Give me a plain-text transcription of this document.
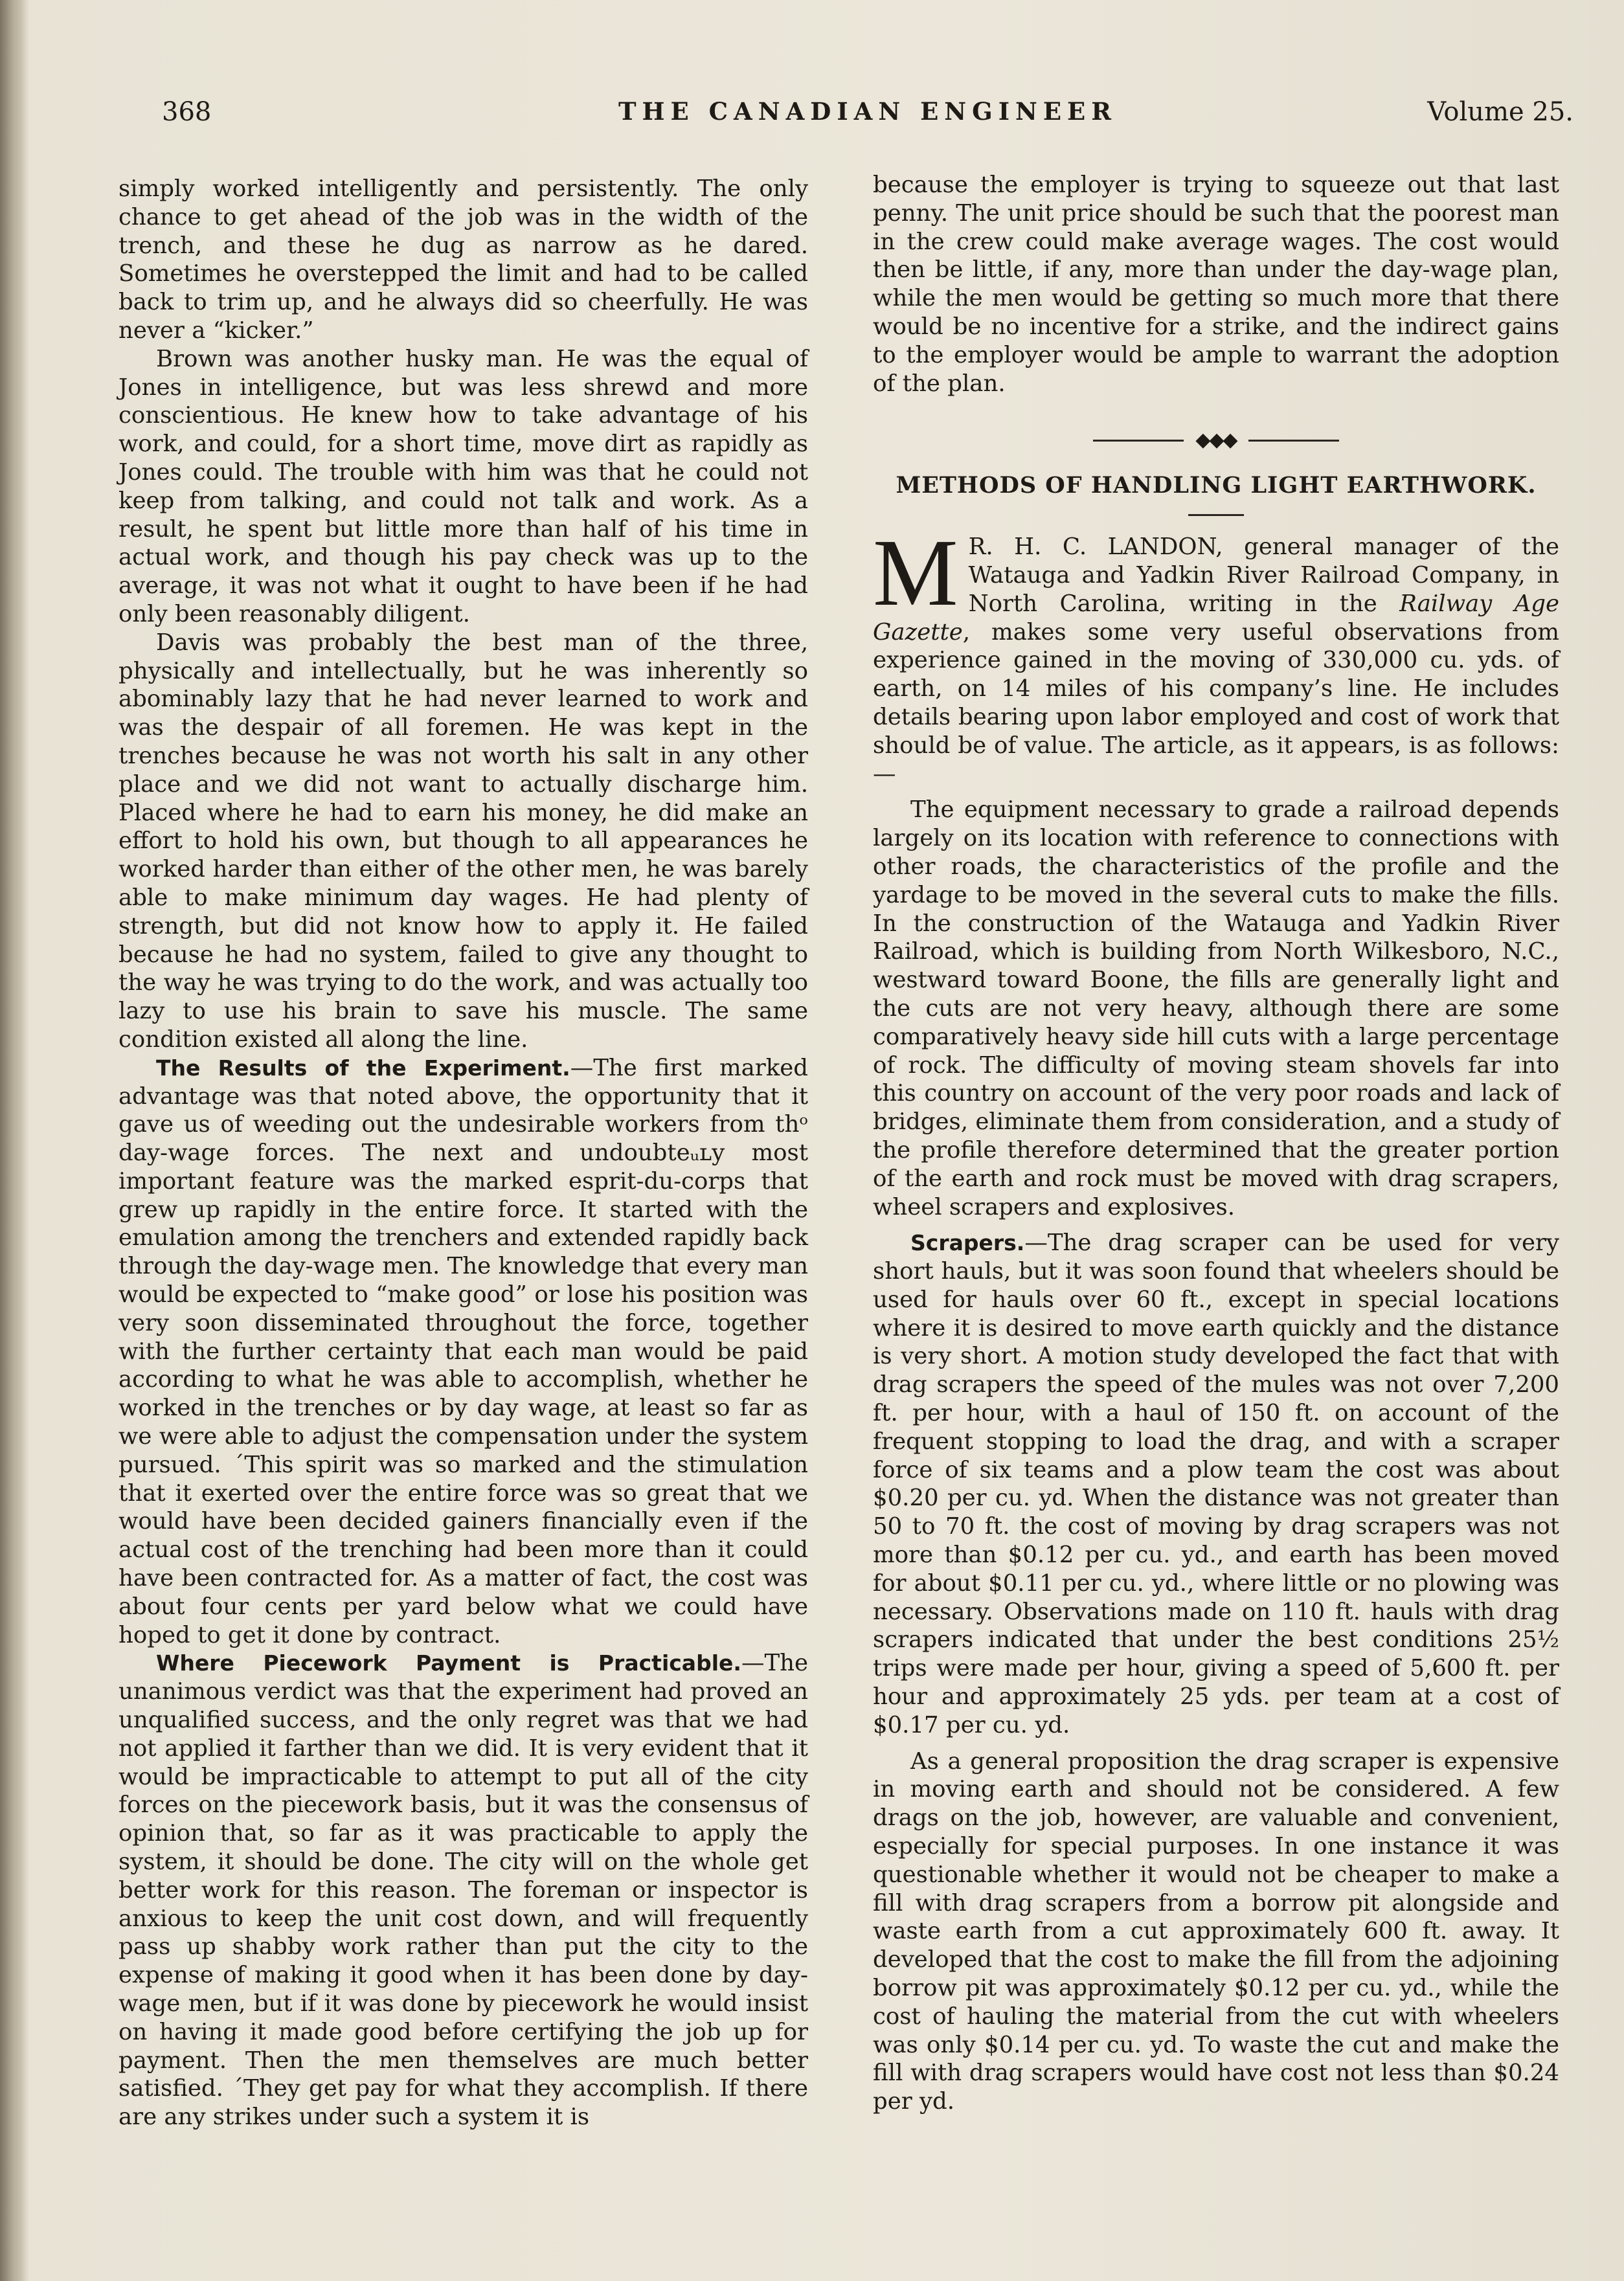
368	THE CANADIAN ENGINEER	Volume 25.

simply worked intelligently and persistently. The only chance to get ahead of the job was in the width of the trench, and these he dug as narrow as he dared. Sometimes he overstepped the limit and had to be called back to trim up, and he always did so cheerfully. He was never a “kicker.”

Brown was another husky man. He was the equal of Jones in intelligence, but was less shrewd and more conscientious. He knew how to take advantage of his work, and could, for a short time, move dirt as rapidly as Jones could. The trouble with him was that he could not keep from talking, and could not talk and work. As a result, he spent but little more than half of his time in actual work, and though his pay check was up to the average, it was not what it ought to have been if he had only been reasonably diligent.

Davis was probably the best man of the three, physically and intellectually, but he was inherently so abominably lazy that he had never learned to work and was the despair of all foremen. He was kept in the trenches because he was not worth his salt in any other place and we did not want to actually discharge him. Placed where he had to earn his money, he did make an effort to hold his own, but though to all appearances he worked harder than either of the other men, he was barely able to make minimum day wages. He had plenty of strength, but did not know how to apply it. He failed because he had no system, failed to give any thought to the way he was trying to do the work, and was actually too lazy to use his brain to save his muscle. The same condition existed all along the line.

The Results of the Experiment.—The first marked advantage was that noted above, the opportunity that it gave us of weeding out the undesirable workers from thᵒ day-wage forces. The next and undoubteᵤʟy most important feature was the marked esprit-du-corps that grew up rapidly in the entire force. It started with the emulation among the trenchers and extended rapidly back through the day-wage men. The knowledge that every man would be expected to “make good” or lose his position was very soon disseminated throughout the force, together with the further certainty that each man would be paid according to what he was able to accomplish, whether he worked in the trenches or by day wage, at least so far as we were able to adjust the compensation under the system pursued. ´This spirit was so marked and the stimulation that it exerted over the entire force was so great that we would have been decided gainers financially even if the actual cost of the trenching had been more than it could have been contracted for. As a matter of fact, the cost was about four cents per yard below what we could have hoped to get it done by contract.

Where Piecework Payment is Practicable.—The unanimous verdict was that the experiment had proved an unqualified success, and the only regret was that we had not applied it farther than we did. It is very evident that it would be impracticable to attempt to put all of the city forces on the piecework basis, but it was the consensus of opinion that, so far as it was practicable to apply the system, it should be done. The city will on the whole get better work for this reason. The foreman or inspector is anxious to keep the unit cost down, and will frequently pass up shabby work rather than put the city to the expense of making it good when it has been done by day-wage men, but if it was done by piecework he would insist on having it made good before certifying the job up for payment. Then the men themselves are much better satisfied. ´They get pay for what they accomplish. If there are any strikes under such a system it is

because the employer is trying to squeeze out that last penny. The unit price should be such that the poorest man in the crew could make average wages. The cost would then be little, if any, more than under the day-wage plan, while the men would be getting so much more that there would be no incentive for a strike, and the indirect gains to the employer would be ample to warrant the adoption of the plan.

◆◆◆
METHODS OF HANDLING LIGHT EARTHWORK.

M R. H. C. LANDON, general manager of the Watauga and Yadkin River Railroad Company, in North Carolina, writing in the Railway Age Gazette, makes some very useful observations from experience gained in the moving of 330,000 cu. yds. of earth, on 14 miles of his company’s line. He includes details bearing upon labor employed and cost of work that should be of value. The article, as it appears, is as follows:—

The equipment necessary to grade a railroad depends largely on its location with reference to connections with other roads, the characteristics of the profile and the yardage to be moved in the several cuts to make the fills. In the construction of the Watauga and Yadkin River Railroad, which is building from North Wilkesboro, N.C., westward toward Boone, the fills are generally light and the cuts are not very heavy, although there are some comparatively heavy side hill cuts with a large percentage of rock. The difficulty of moving steam shovels far into this country on account of the very poor roads and lack of bridges, eliminate them from consideration, and a study of the profile therefore determined that the greater portion of the earth and rock must be moved with drag scrapers, wheel scrapers and explosives.

Scrapers.—The drag scraper can be used for very short hauls, but it was soon found that wheelers should be used for hauls over 60 ft., except in special locations where it is desired to move earth quickly and the distance is very short. A motion study developed the fact that with drag scrapers the speed of the mules was not over 7,200 ft. per hour, with a haul of 150 ft. on account of the frequent stopping to load the drag, and with a scraper force of six teams and a plow team the cost was about $0.20 per cu. yd. When the distance was not greater than 50 to 70 ft. the cost of moving by drag scrapers was not more than $0.12 per cu. yd., and earth has been moved for about $0.11 per cu. yd., where little or no plowing was necessary. Observations made on 110 ft. hauls with drag scrapers indicated that under the best conditions 25½ trips were made per hour, giving a speed of 5,600 ft. per hour and approximately 25 yds. per team at a cost of $0.17 per cu. yd.

As a general proposition the drag scraper is expensive in moving earth and should not be considered. A few drags on the job, however, are valuable and convenient, especially for special purposes. In one instance it was questionable whether it would not be cheaper to make a fill with drag scrapers from a borrow pit alongside and waste earth from a cut approximately 600 ft. away. It developed that the cost to make the fill from the adjoining borrow pit was approximately $0.12 per cu. yd., while the cost of hauling the material from the cut with wheelers was only $0.14 per cu. yd. To waste the cut and make the fill with drag scrapers would have cost not less than $0.24 per yd.
